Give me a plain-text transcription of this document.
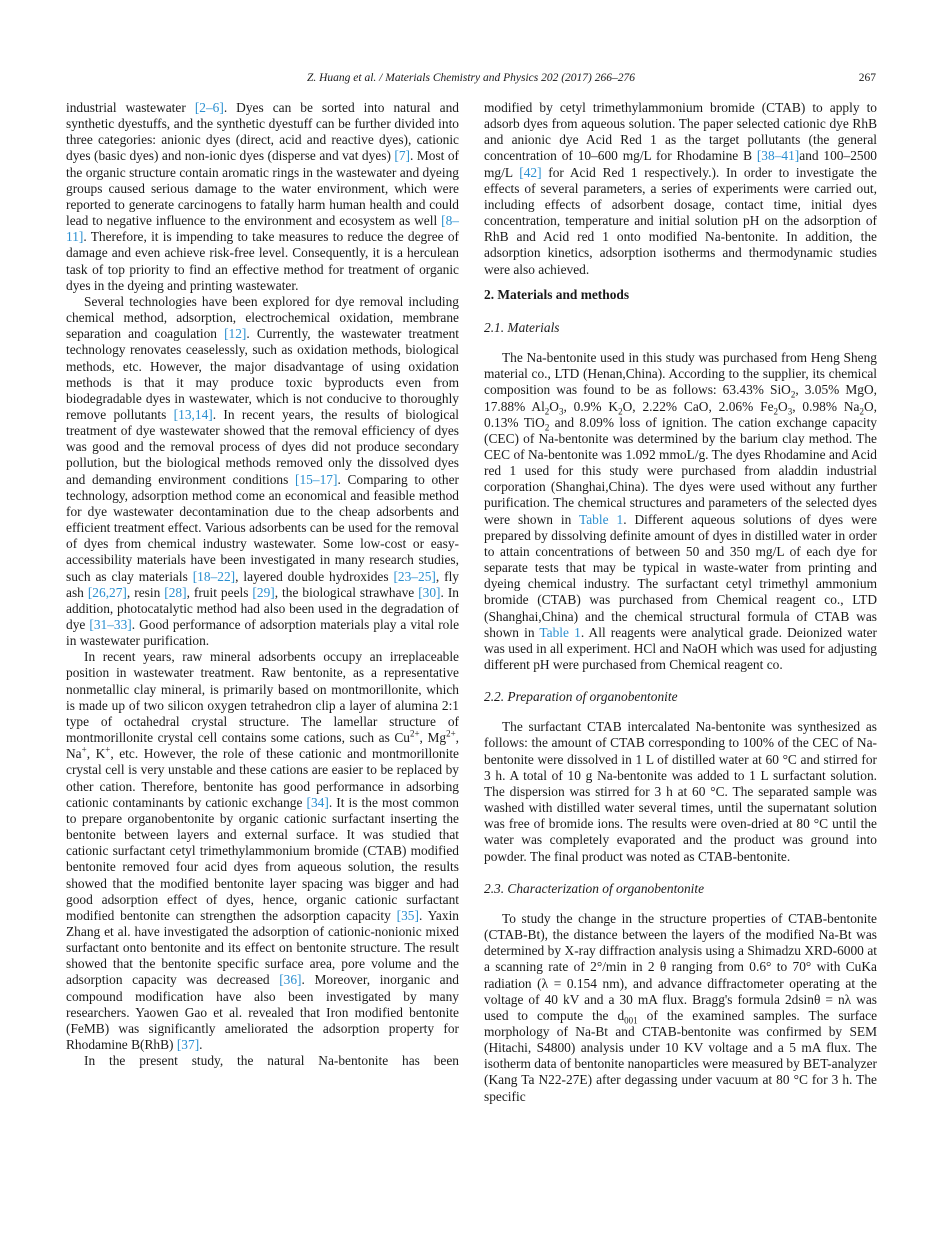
Z. Huang et al. / Materials Chemistry and Physics 202 (2017) 266–276	267

industrial wastewater [2–6]. Dyes can be sorted into natural and synthetic dyestuffs, and the synthetic dyestuff can be further divided into three categories: anionic dyes (direct, acid and reactive dyes), cationic dyes (basic dyes) and non-ionic dyes (disperse and vat dyes) [7]. Most of the organic structure contain aromatic rings in the wastewater and dyeing groups caused serious damage to the water environment, which were reported to generate carcinogens to fatally harm human health and could lead to negative influence to the environment and ecosystem as well [8–11]. Therefore, it is impending to take measures to reduce the degree of damage and even achieve risk-free level. Consequently, it is a herculean task of top priority to find an effective method for treatment of organic dyes in the dyeing and printing wastewater.

Several technologies have been explored for dye removal including chemical method, adsorption, electrochemical oxidation, membrane separation and coagulation [12]. Currently, the wastewater treatment technology renovates ceaselessly, such as oxidation methods, biological methods, etc. However, the major disadvantage of using oxidation methods is that it may produce toxic byproducts even from biodegradable dyes in wastewater, which is not conducive to thoroughly remove pollutants [13,14]. In recent years, the results of biological treatment of dye wastewater showed that the removal efficiency of dyes was good and the removal process of dyes did not produce secondary pollution, but the biological methods removed only the dissolved dyes and demanding environment conditions [15–17]. Comparing to other technology, adsorption method come an economical and feasible method for dye wastewater decontamination due to the cheap adsorbents and efficient treatment effect. Various adsorbents can be used for the removal of dyes from chemical industry wastewater. Some low-cost or easy-accessibility materials have been investigated in many research studies, such as clay materials [18–22], layered double hydroxides [23–25], fly ash [26,27], resin [28], fruit peels [29], the biological strawhave [30]. In addition, photocatalytic method had also been used in the degradation of dye [31–33]. Good performance of adsorption materials play a vital role in wastewater purification.

In recent years, raw mineral adsorbents occupy an irreplaceable position in wastewater treatment. Raw bentonite, as a representative nonmetallic clay mineral, is primarily based on montmorillonite, which is made up of two silicon oxygen tetrahedron clip a layer of alumina 2:1 type of octahedral crystal structure. The lamellar structure of montmorillonite crystal cell contains some cations, such as $Cu^{2+}$, $Mg^{2+}$, Na+, K+, etc. However, the role of these cationic and montmorillonite crystal cell is very unstable and these cations are easier to be replaced by other cation. Therefore, bentonite has good performance in adsorbing cationic contaminants by cationic exchange [34]. It is the most common to prepare organobentonite by organic cationic surfactant inserting the bentonite between layers and external surface. It was studied that cationic surfactant cetyl trimethylammonium bromide (CTAB) modified bentonite removed four acid dyes from aqueous solution, the results showed that the modified bentonite layer spacing was bigger and had good adsorption effect of dyes, hence, organic cationic surfactant modified bentonite can strengthen the adsorption capacity [35]. Yaxin Zhang et al. have investigated the adsorption of cationic-nonionic mixed surfactant onto bentonite and its effect on bentonite structure. The result showed that the bentonite specific surface area, pore volume and the adsorption capacity was decreased [36]. Moreover, inorganic and compound modification have also been investigated by many researchers. Yaowen Gao et al. revealed that Iron modified bentonite (FeMB) was significantly ameliorated the adsorption property for Rhodamine B(RhB) [37].

In the present study, the natural Na-bentonite has been

modified by cetyl trimethylammonium bromide (CTAB) to apply to adsorb dyes from aqueous solution. The paper selected cationic dye RhB and anionic dye Acid Red 1 as the target pollutants (the general concentration of 10–600 mg/L for Rhodamine B [38–41]and 100–2500 mg/L [42] for Acid Red 1 respectively.). In order to investigate the effects of several parameters, a series of experiments were carried out, including effects of adsorbent dosage, contact time, initial dyes concentration, temperature and initial solution pH on the adsorption of RhB and Acid red 1 onto modified Na-bentonite. In addition, the adsorption kinetics, adsorption isotherms and thermodynamic studies were also achieved.

2. Materials and methods
2.1. Materials

The Na-bentonite used in this study was purchased from Heng Sheng material co., LTD (Henan,China). According to the supplier, its chemical composition was found to be as follows: 63.43% SiO$_2$, 3.05% MgO, 17.88% $Al_2O_3$, 0.9% $K_2O$, 2.22% CaO, 2.06% $Fe_2O_3$, 0.98% $Na_2O$, 0.13% TiO$_2$ and 8.09% loss of ignition. The cation exchange capacity (CEC) of Na-bentonite was determined by the barium clay method. The CEC of Na-bentonite was 1.092 mmoL/g. The dyes Rhodamine and Acid red 1 used for this study were purchased from aladdin industrial corporation (Shanghai,China). The dyes were used without any further purification. The chemical structures and parameters of the selected dyes were shown in Table 1. Different aqueous solutions of dyes were prepared by dissolving definite amount of dyes in distilled water in order to attain concentrations of between 50 and 350 mg/L of each dye for separate tests that may be typical in waste-water from printing and dyeing chemical industry. The surfactant cetyl trimethyl ammonium bromide (CTAB) was purchased from Chemical reagent co., LTD (Shanghai,China) and the chemical structural formula of CTAB was shown in Table 1. All reagents were analytical grade. Deionized water was used in all experiment. HCl and NaOH which was used for adjusting different pH were purchased from Chemical reagent co.

2.2. Preparation of organobentonite

The surfactant CTAB intercalated Na-bentonite was synthesized as follows: the amount of CTAB corresponding to 100% of the CEC of Na-bentonite were dissolved in 1 L of distilled water at 60 °C and stirred for 3 h. A total of 10 g Na-bentonite was added to 1 L surfactant solution. The dispersion was stirred for 3 h at 60 °C. The separated sample was washed with distilled water several times, until the supernatant solution was free of bromide ions. The results were oven-dried at 80 °C until the water was completely evaporated and the product was ground into powder. The final product was noted as CTAB-bentonite.

2.3. Characterization of organobentonite

To study the change in the structure properties of CTAB-bentonite (CTAB-Bt), the distance between the layers of the modified Na-Bt was determined by X-ray diffraction analysis using a Shimadzu XRD-6000 at a scanning rate of 2°/min in 2 θ ranging from 0.6° to 70° with CuKa radiation (λ = 0.154 nm), and advance diffractometer operating at the voltage of 40 kV and a 30 mA flux. Bragg's formula 2dsinθ = nλ was used to compute the $d_{001}$ of the examined samples. The surface morphology of Na-Bt and CTAB-bentonite was confirmed by SEM (Hitachi, S4800) analysis under 10 KV voltage and a 5 mA flux. The isotherm data of bentonite nanoparticles were measured by BET-analyzer (Kang Ta N22-27E) after degassing under vacuum at 80 °C for 3 h. The specific
